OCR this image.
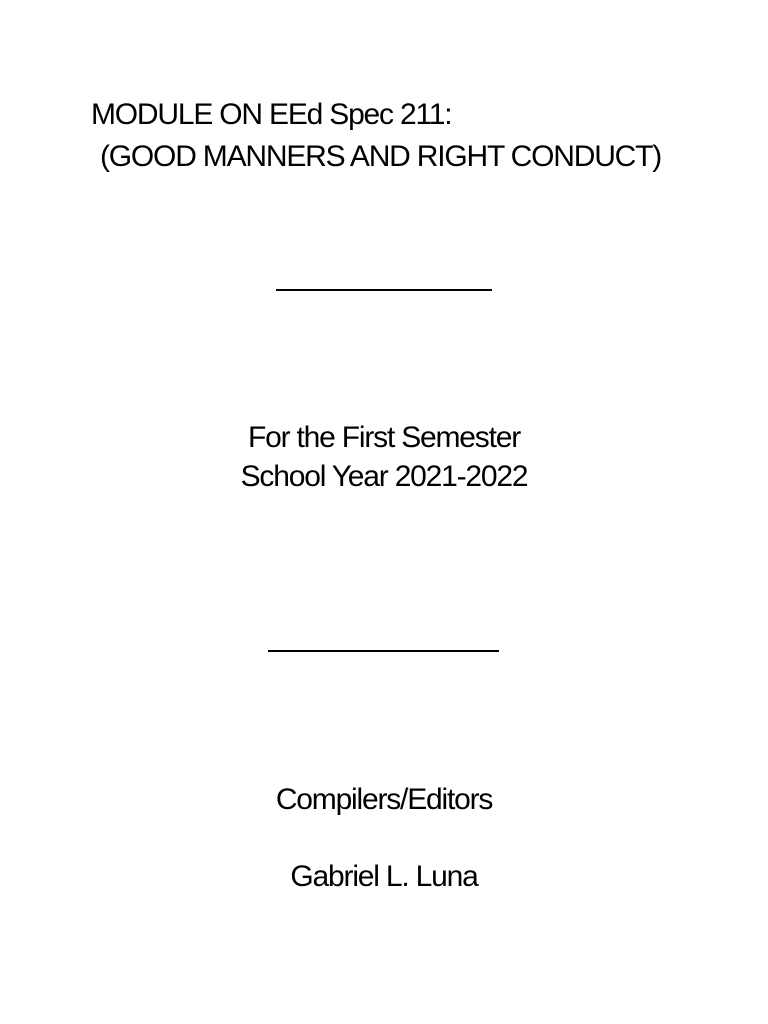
MODULE ON EEd Spec 211:
(GOOD MANNERS AND RIGHT CONDUCT)
For the First Semester
School Year 2021-2022
Compilers/Editors
Gabriel L. Luna
